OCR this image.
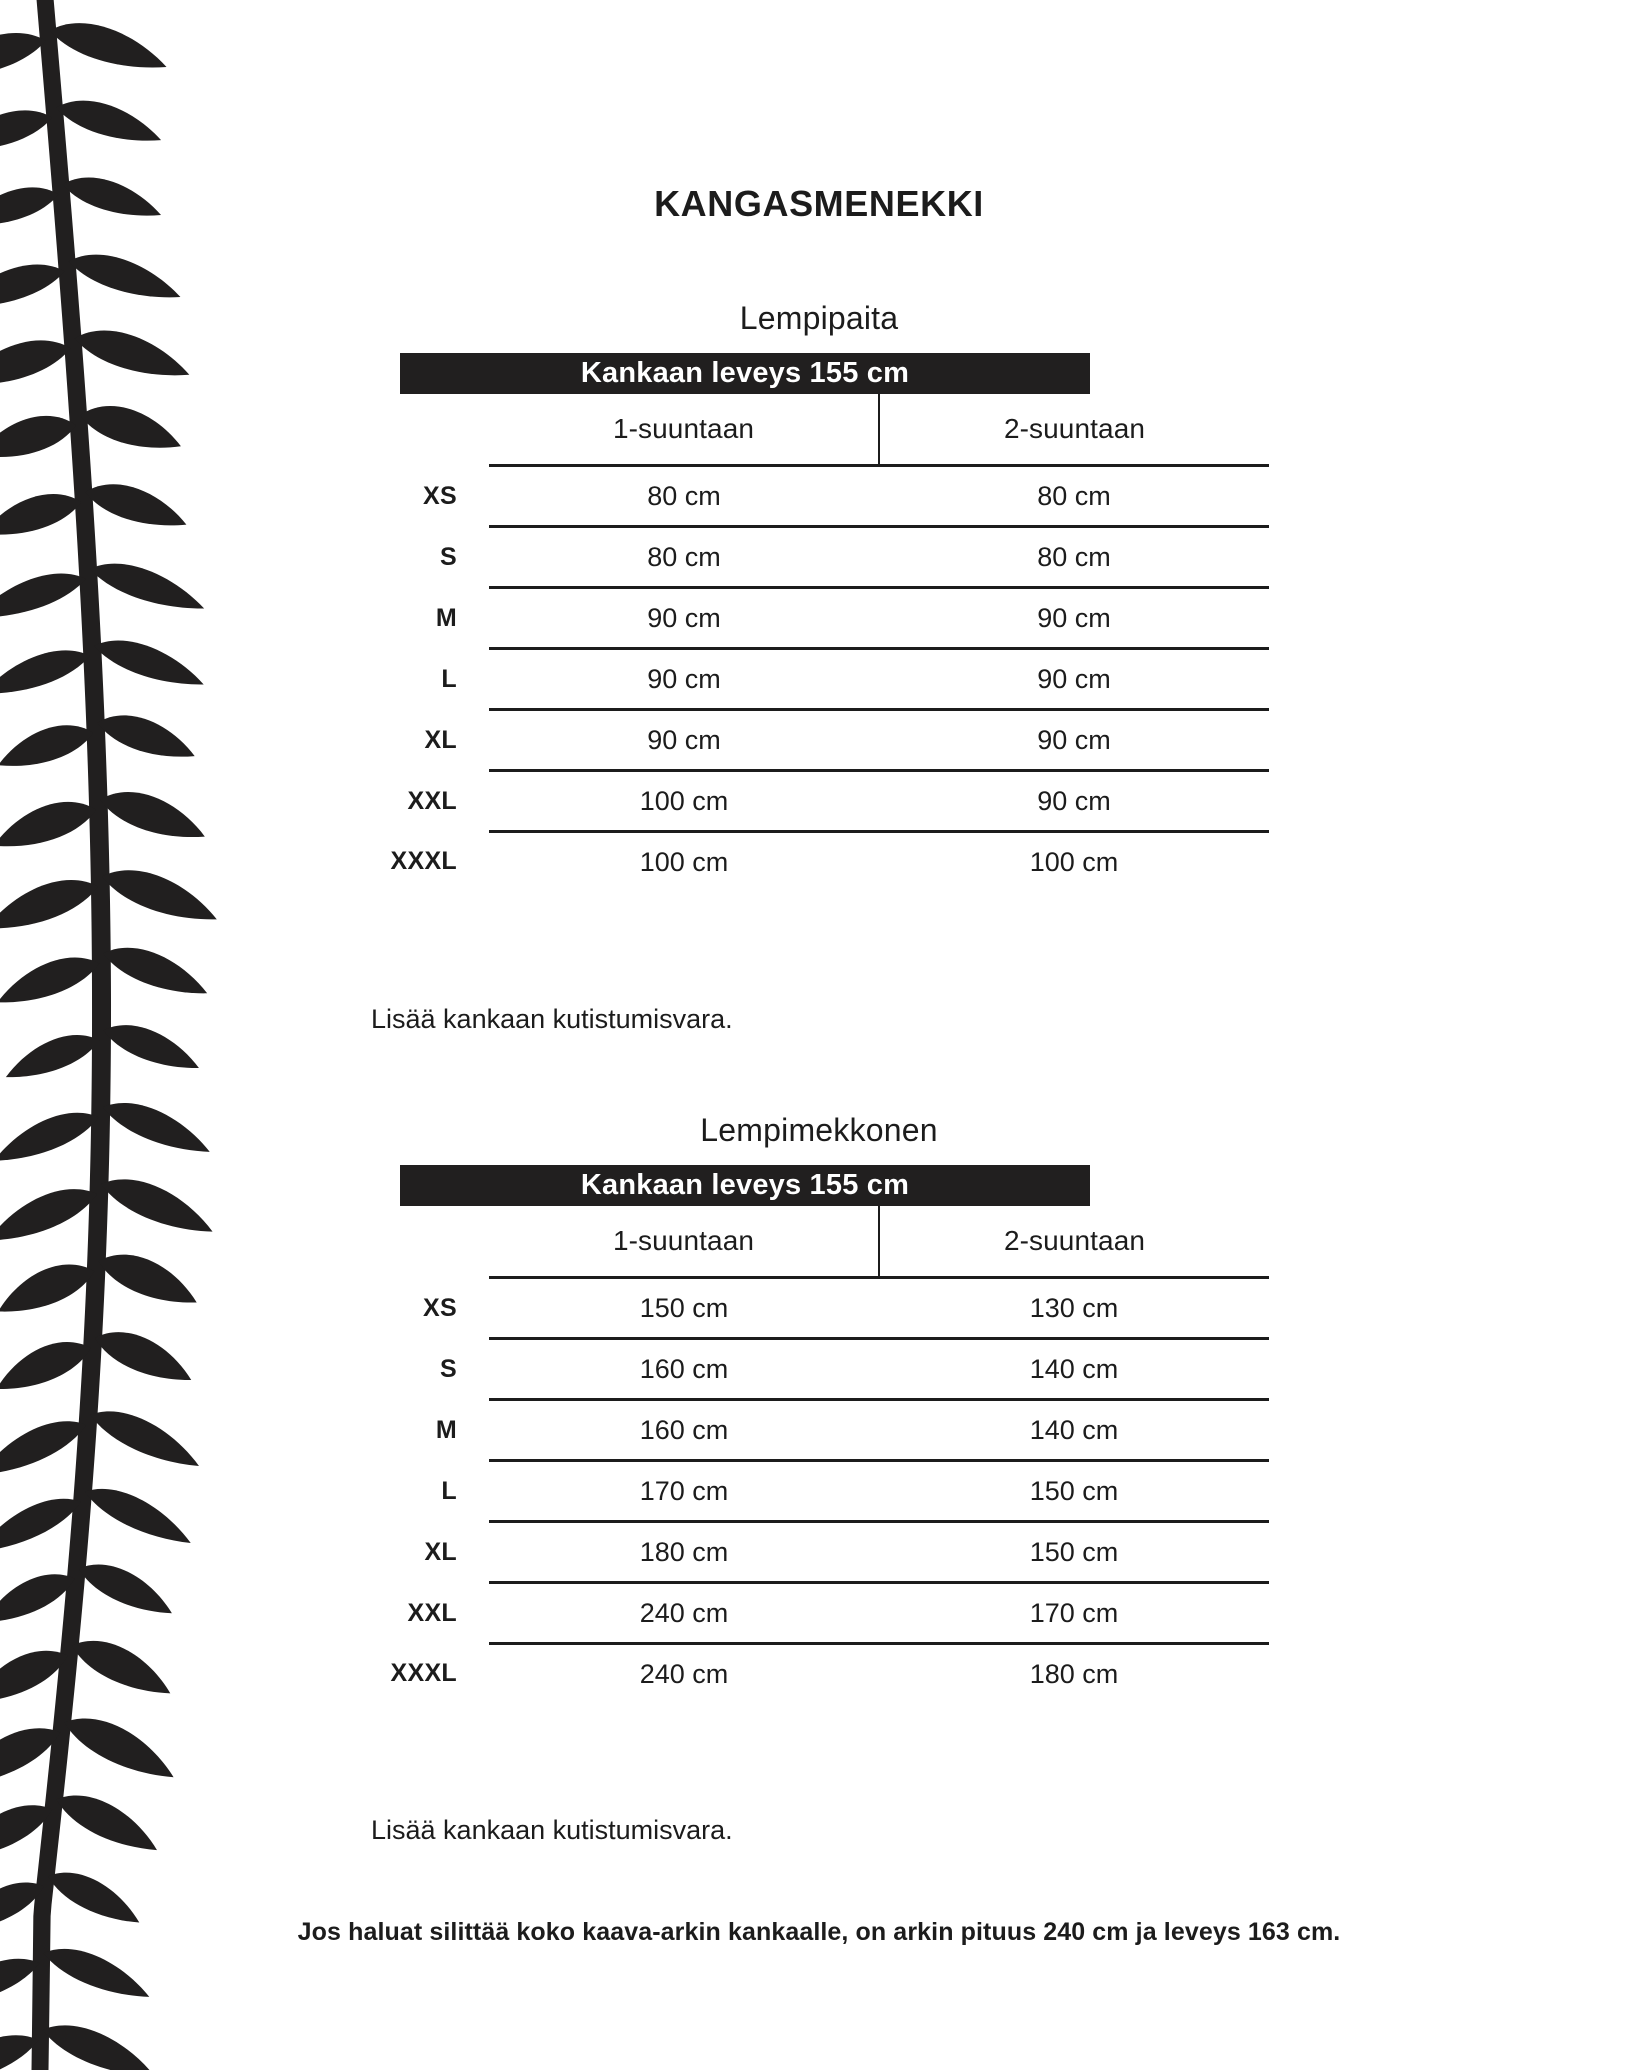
KANGASMENEKKI
Lempipaita
Kankaan leveys 155 cm
	1-suuntaan	2-suuntaan
XS	80 cm	80 cm
S	80 cm	80 cm
M	90 cm	90 cm
L	90 cm	90 cm
XL	90 cm	90 cm
XXL	100 cm	90 cm
XXXL	100 cm	100 cm
Lisää kankaan kutistumisvara.
Lempimekkonen
Kankaan leveys 155 cm
	1-suuntaan	2-suuntaan
XS	150 cm	130 cm
S	160 cm	140 cm
M	160 cm	140 cm
L	170 cm	150 cm
XL	180 cm	150 cm
XXL	240 cm	170 cm
XXXL	240 cm	180 cm
Lisää kankaan kutistumisvara.
Jos haluat silittää koko kaava-arkin kankaalle, on arkin pituus 240 cm ja leveys 163 cm.
